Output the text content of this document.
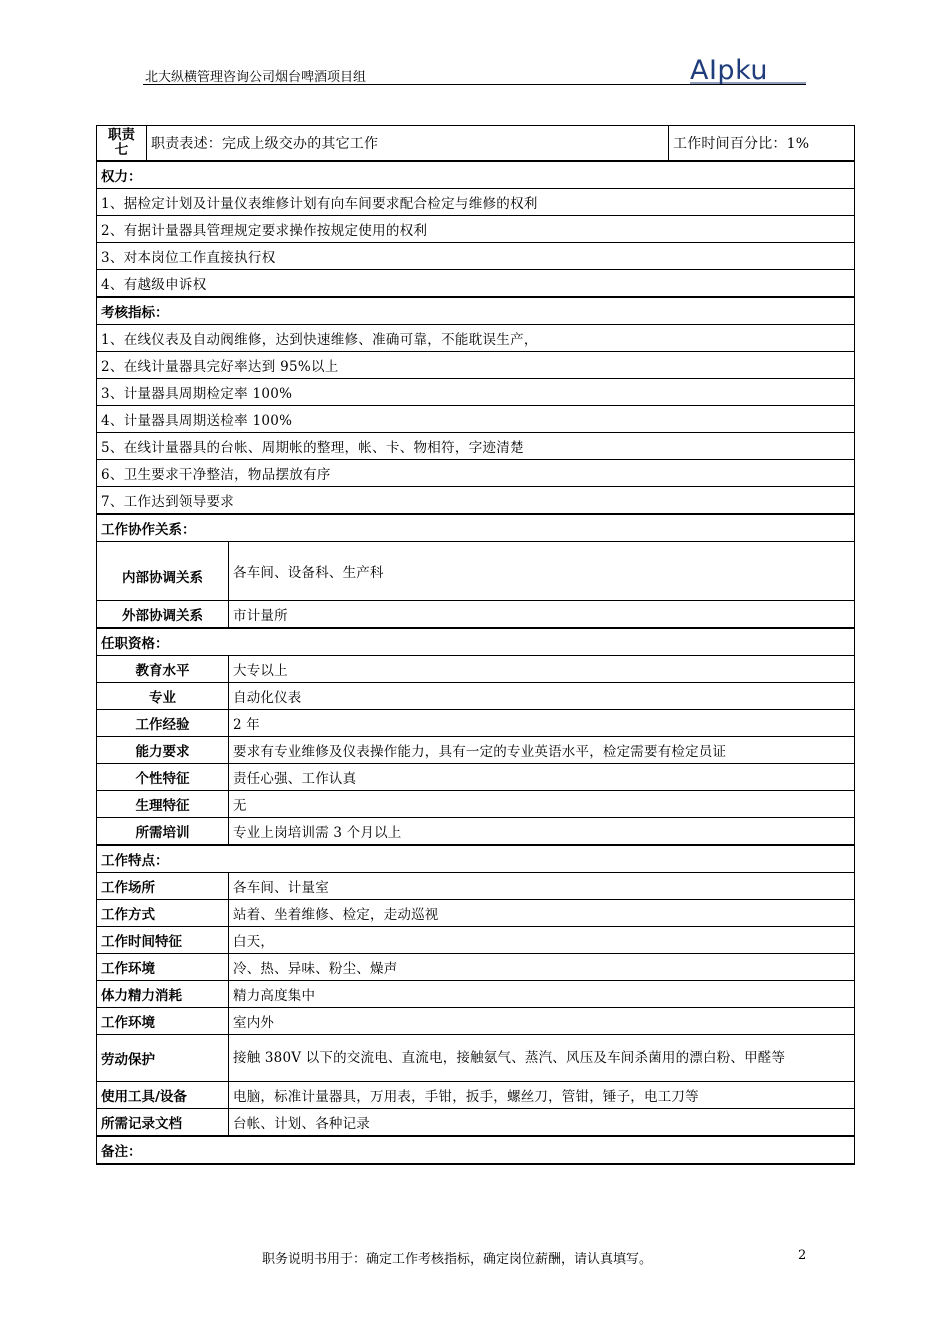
北大纵横管理咨询公司烟台啤酒项目组	AIpku
职责
七	职责表述：完成上级交办的其它工作		工作时间百分比：1%
权力：			
1、据检定计划及计量仪表维修计划有向车间要求配合检定与维修的权利			
2、有据计量器具管理规定要求操作按规定使用的权利			
3、对本岗位工作直接执行权			
4、有越级申诉权			
考核指标：			
1、在线仪表及自动阀维修，达到快速维修、准确可靠，不能耽误生产，			
2、在线计量器具完好率达到 95%以上			
3、计量器具周期检定率 100%			
4、计量器具周期送检率 100%			
5、在线计量器具的台帐、周期帐的整理，帐、卡、物相符，字迹清楚			
6、卫生要求干净整洁，物品摆放有序			
7、工作达到领导要求			
工作协作关系：			
内部协调关系		各车间、设备科、生产科	
外部协调关系		市计量所	
任职资格：			
教育水平		大专以上	
专业		自动化仪表	
工作经验		2 年	
能力要求		要求有专业维修及仪表操作能力，具有一定的专业英语水平，检定需要有检定员证	
个性特征		责任心强、工作认真	
生理特征		无	
所需培训		专业上岗培训需 3 个月以上	
工作特点：			
工作场所		各车间、计量室	
工作方式		站着、坐着维修、检定，走动巡视	
工作时间特征		白天，	
工作环境		冷、热、异味、粉尘、燥声	
体力精力消耗		精力高度集中	
工作环境		室内外	
劳动保护		接触 380V 以下的交流电、直流电，接触氨气、蒸汽、风压及车间杀菌用的漂白粉、甲醛等	
使用工具/设备		电脑，标准计量器具，万用表，手钳，扳手，螺丝刀，管钳，锤子，电工刀等	
所需记录文档		台帐、计划、各种记录	
备注：			
职务说明书用于：确定工作考核指标，确定岗位薪酬，请认真填写。	2
